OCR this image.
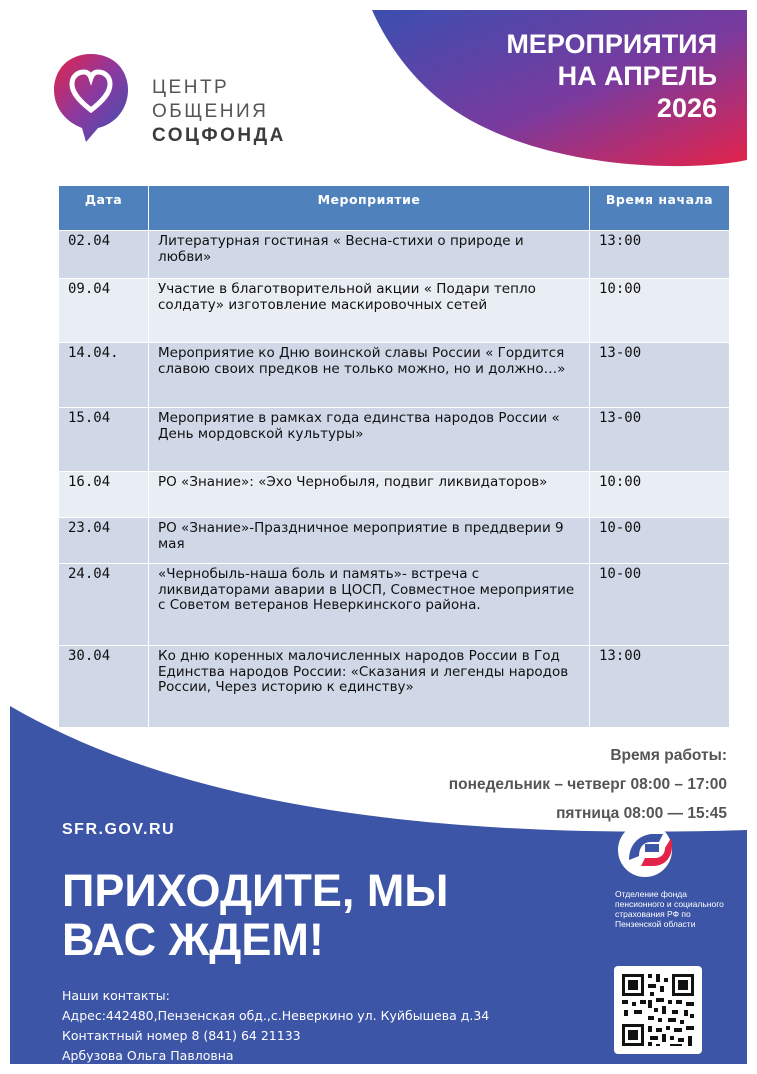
ЦЕНТР
ОБЩЕНИЯ
СОЦФОНДА
МЕРОПРИЯТИЯ
НА АПРЕЛЬ
2026
Дата	Мероприятие	Время начала
02.04	Литературная гостиная « Весна-стихи о природе и любви»	13:00
09.04	Участие в благотворительной акции « Подари тепло солдату» изготовление маскировочных сетей	10:00
14.04.	Мероприятие ко Дню воинской славы России « Гордится славою своих предков не только можно, но и должно…»	13-00
15.04	Мероприятие в рамках года единства народов России « День мордовской культуры»	13-00
16.04	РО «Знание»: «Эхо Чернобыля, подвиг ликвидаторов»	10:00
23.04	РО «Знание»-Праздничное мероприятие в преддверии 9 мая	10-00
24.04	«Чернобыль-наша боль и память»- встреча с ликвидаторами аварии в ЦОСП, Совместное мероприятие с Советом ветеранов Неверкинского района.	10-00
30.04	Ко дню коренных малочисленных народов России в Год Единства народов России: «Сказания и легенды народов России, Через историю к единству»	13:00
Время работы:
понедельник – четверг 08:00 – 17:00
пятница 08:00 — 15:45
SFR.GOV.RU
ПРИХОДИТЕ, МЫ
ВАС ЖДЕМ!
Наши контакты:
Адрес:442480,Пензенская обд.,с.Неверкино ул. Куйбышева д.34
Контактный номер 8 (841) 64 21133
Арбузова Ольга Павловна
Отделение фонда пенсионного и социального страхования РФ по Пензенской области
